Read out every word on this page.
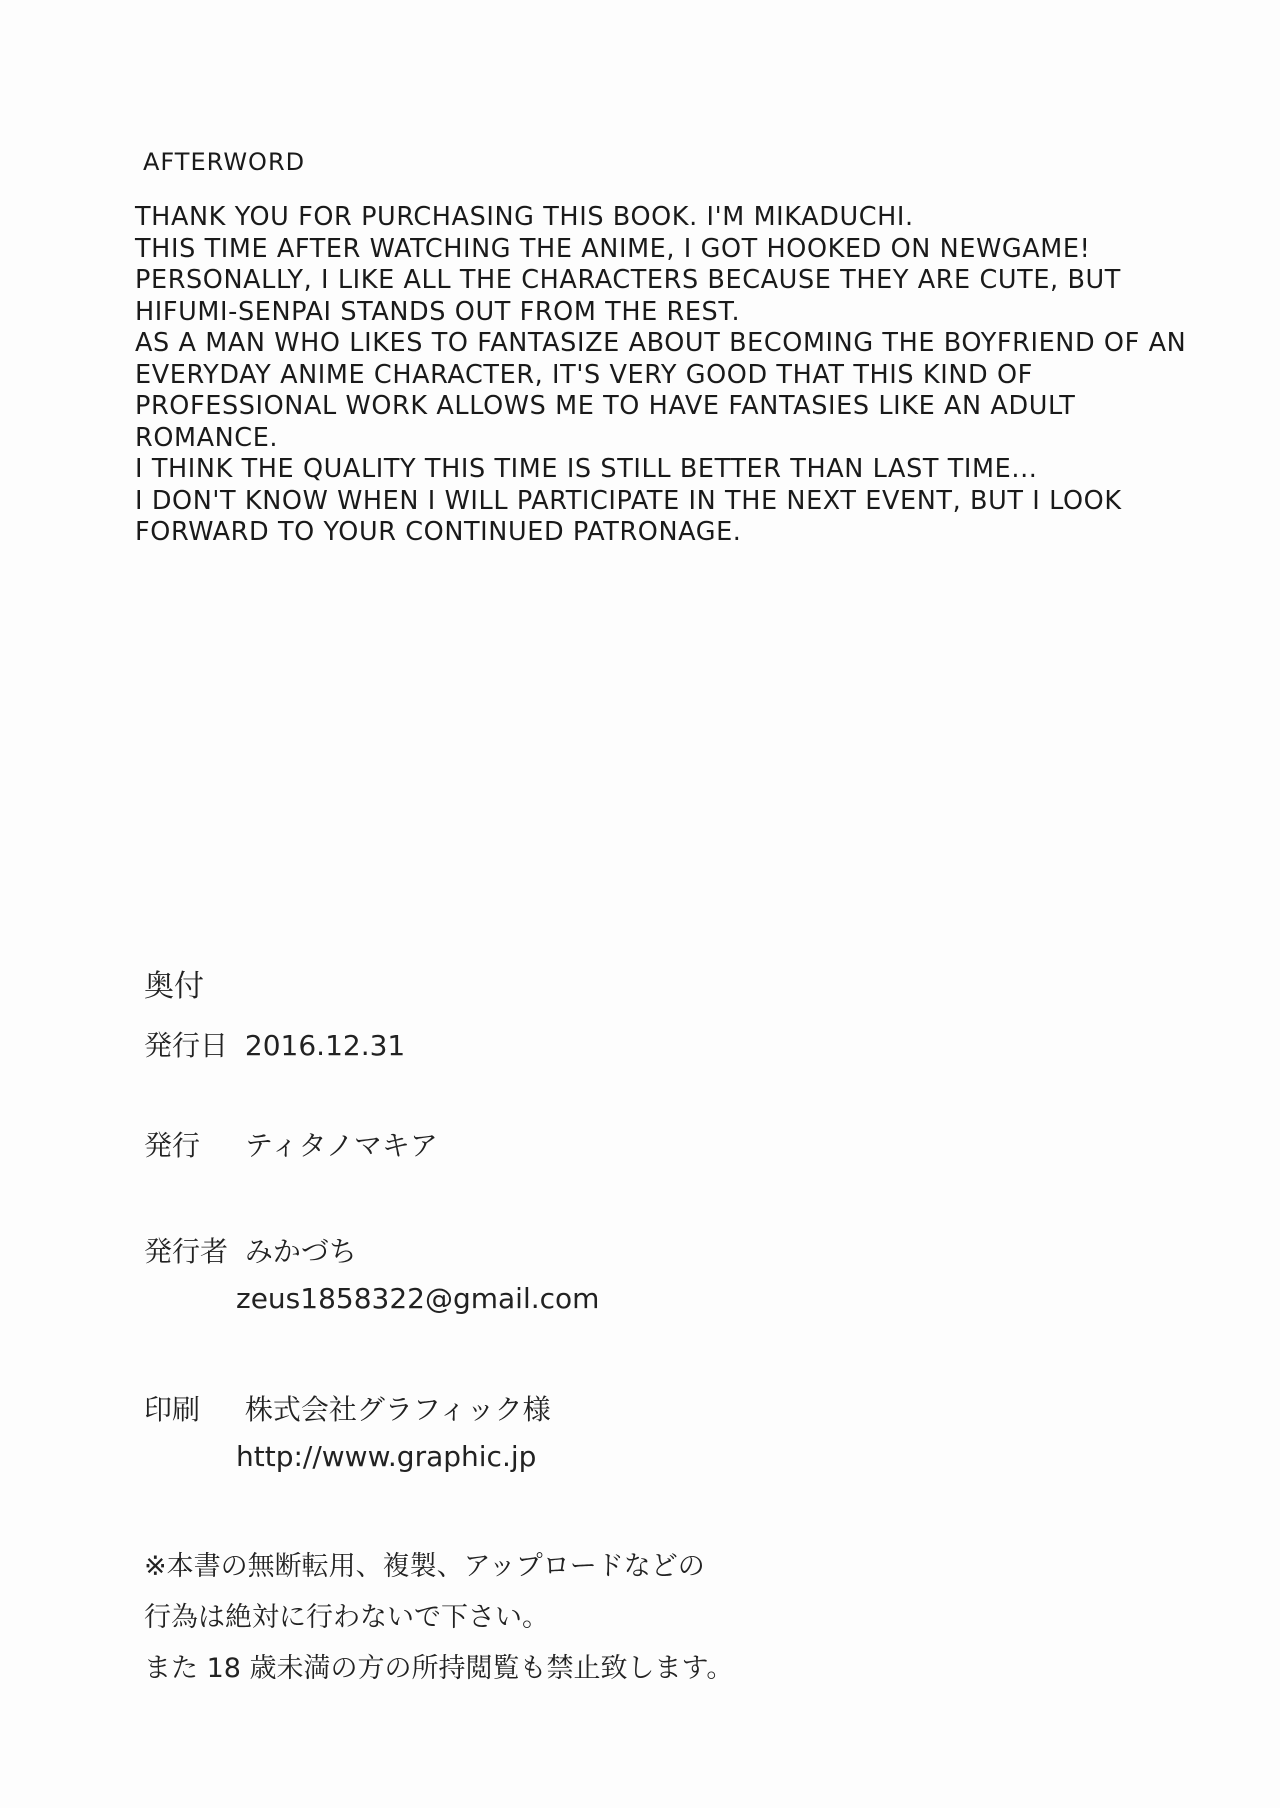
AFTERWORD
THANK YOU FOR PURCHASING THIS BOOK. I'M MIKADUCHI.
THIS TIME AFTER WATCHING THE ANIME, I GOT HOOKED ON NEWGAME!
PERSONALLY, I LIKE ALL THE CHARACTERS BECAUSE THEY ARE CUTE, BUT
HIFUMI-SENPAI STANDS OUT FROM THE REST.
AS A MAN WHO LIKES TO FANTASIZE ABOUT BECOMING THE BOYFRIEND OF AN
EVERYDAY ANIME CHARACTER, IT'S VERY GOOD THAT THIS KIND OF
PROFESSIONAL WORK ALLOWS ME TO HAVE FANTASIES LIKE AN ADULT
ROMANCE.
I THINK THE QUALITY THIS TIME IS STILL BETTER THAN LAST TIME...
I DON'T KNOW WHEN I WILL PARTICIPATE IN THE NEXT EVENT, BUT I LOOK
FORWARD TO YOUR CONTINUED PATRONAGE.
奥付
発行日 2016.12.31
発行 ティタノマキア
発行者 みかづち
zeus1858322@gmail.com
印刷 株式会社グラフィック様
http://www.graphic.jp
※本書の無断転用、複製、アップロードなどの
行為は絶対に行わないで下さい。
また 18 歳未満の方の所持閲覧も禁止致します。
